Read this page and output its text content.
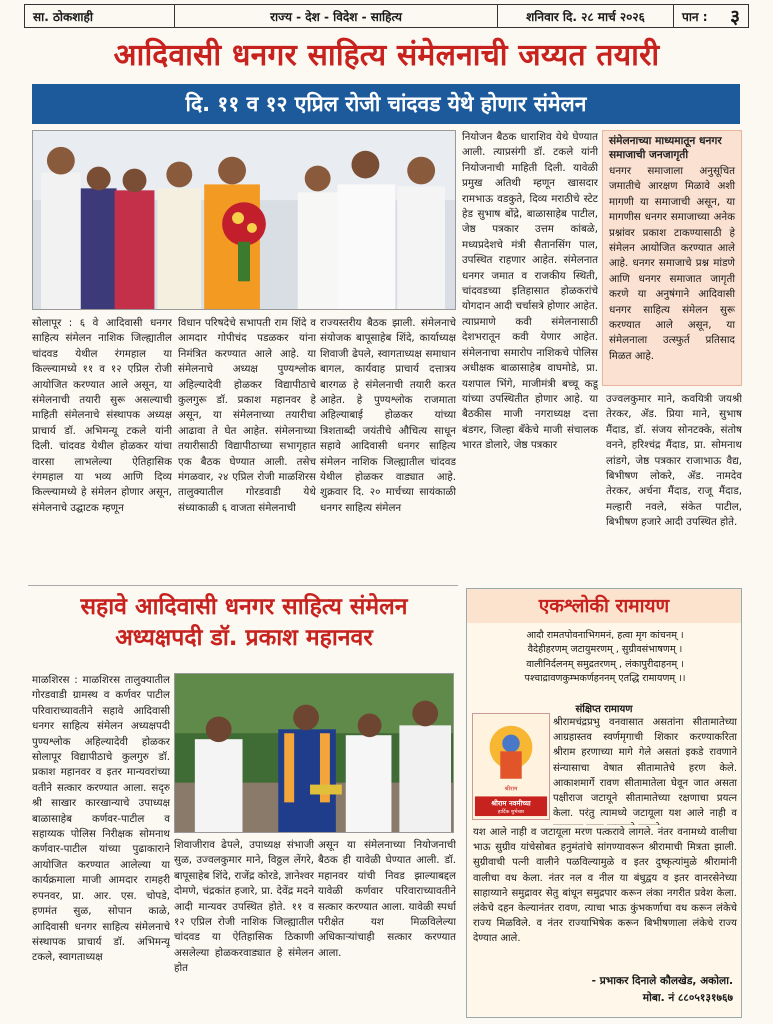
सा. ठोकशाही	राज्य - देश - विदेश - साहित्य	शनिवार दि. २८ मार्च २०२६	पान : ३
आदिवासी धनगर साहित्य संमेलनाची जय्यत तयारी
दि. ११ व १२ एप्रिल रोजी चांदवड येथे होणार संमेलन
सोलापूर : ६ वे आदिवासी धनगर साहित्य संमेलन नाशिक जिल्ह्यातील चांदवड येथील रंगमहाल या किल्ल्यामध्ये ११ व १२ एप्रिल रोजी आयोजित करण्यात आले असून, या संमेलनाची तयारी सुरू असल्याची माहिती संमेलनाचे संस्थापक अध्यक्ष प्राचार्य डॉ. अभिमन्यू टकले यांनी दिली. चांदवड येथील होळकर यांचा वारसा लाभलेल्या ऐतिहासिक रंगमहाल या भव्य आणि दिव्य किल्ल्यामध्ये हे संमेलन होणार असून, संमेलनाचे उद्घाटक म्हणून
विधान परिषदेचे सभापती राम शिंदे व आमदार गोपीचंद पडळकर यांना निमंत्रित करण्यात आले आहे. या संमेलनाचे अध्यक्ष पुण्यश्लोक अहिल्यादेवी होळकर विद्यापीठाचे कुलगुरू डॉ. प्रकाश महानवर हे असून, या संमेलनाच्या तयारीचा आढावा ते घेत आहेत. संमेलनाच्या तयारीसाठी विद्यापीठाच्या सभागृहात एक बैठक घेण्यात आली. तसेच मंगळवार, २४ एप्रिल रोजी माळशिरस तालुक्यातील गोरडवाडी येथे संध्याकाळी ६ वाजता संमेलनाची
राज्यस्तरीय बैठक झाली. संमेलनाचे संयोजक बापूसाहेब शिंदे, कार्याध्यक्ष शिवाजी ढेपले, स्वागताध्यक्ष समाधान बागल, कार्यवाह प्राचार्य दत्तात्रय बारगळ हे संमेलनाची तयारी करत आहेत. हे पुण्यश्लोक राजमाता अहिल्याबाई होळकर यांच्या त्रिशताब्दी जयंतीचे औचित्य साधून सहावे आदिवासी धनगर साहित्य संमेलन नाशिक जिल्ह्यातील चांदवड येथील होळकर वाड्यात आहे. शुक्रवार दि. २० मार्चच्या सायंकाळी धनगर साहित्य संमेलन
नियोजन बैठक धाराशिव येथे घेण्यात आली. त्याप्रसंगी डॉ. टकले यांनी नियोजनाची माहिती दिली. यावेळी प्रमुख अतिथी म्हणून खासदार रामभाऊ वडकुते, दिव्य मराठीचे स्टेट हेड सुभाष बोंद्रे, बाळासाहेब पाटील, जेष्ठ पत्रकार उत्तम कांबळे, मध्यप्रदेशचे मंत्री सैतानसिंग पाल, उपस्थित राहणार आहेत. संमेलनात धनगर जमात व राजकीय स्थिती, चांदवडच्या इतिहासात होळकरांचे योगदान आदी चर्चासत्रे होणार आहेत. त्याप्रमाणे कवी संमेलनासाठी देशभरातून कवी येणार आहेत. संमेलनाचा समारोप नाशिकचे पोलिस अधीक्षक बाळासाहेब वाघमोडे, प्रा. यशपाल भिंगे, माजीमंत्री बच्चू कडू यांच्या उपस्थितीत होणार आहे. या बैठकीस माजी नगराध्यक्ष दत्ता बंडगर, जिल्हा बँकेचे माजी संचालक भारत डोलारे, जेष्ठ पत्रकार
संमेलनाच्या माध्यमातून धनगर समाजाची जनजागृती
धनगर समाजाला अनुसूचित जमातीचे आरक्षण मिळावे अशी मागणी या समाजाची असून, या मागणीस धनगर समाजाच्या अनेक प्रश्नांवर प्रकाश टाकण्यासाठी हे संमेलन आयोजित करण्यात आले आहे. धनगर समाजाचे प्रश्न मांडणे आणि धनगर समाजात जागृती करणे या अनुषंगाने आदिवासी धनगर साहित्य संमेलन सुरू करण्यात आले असून, या संमेलनाला उत्स्फुर्त प्रतिसाद मिळत आहे.
उज्वलकुमार माने, कवयित्री जयश्री तेरकर, ॲड. प्रिया माने, सुभाष मैंदाड, डॉ. संजय सोनटक्के, संतोष वनने, हरिश्चंद्र मैंदाड, प्रा. सोमनाथ लांडगे, जेष्ठ पत्रकार राजाभाऊ वैद्य, बिभीषण लोकरे, ॲड. नामदेव तेरकर, अर्चना मैंदाड, राजू मैंदाड, मल्हारी नवले, संकेत पाटील, बिभीषण हजारे आदी उपस्थित होते.
सहावे आदिवासी धनगर साहित्य संमेलन
अध्यक्षपदी डॉ. प्रकाश महानवर
माळशिरस : माळशिरस तालुक्यातील गोरडवाडी ग्रामस्थ व कर्णवर पाटील परिवाराच्यावतीने सहावे आदिवासी धनगर साहित्य संमेलन अध्यक्षपदी पुण्यश्लोक अहिल्यादेवी होळकर सोलापूर विद्यापीठाचे कुलगुरु डॉ. प्रकाश महानवर व इतर मान्यवरांच्या वतीने सत्कार करण्यात आला. सदृरु श्री साखार कारखान्याचे उपाध्यक्ष बाळासाहेब कर्णवर-पाटील व सहाय्यक पोलिस निरीक्षक सोमनाथ कर्णवार-पाटील यांच्या पुढाकाराने आयोजित करण्यात आलेल्या या कार्यक्रमाला माजी आमदार रामहरी रुपनवर, प्रा. आर. एस. चोपडे, हणमंत सुळ, सोपान काळे, आदिवासी धनगर साहित्य संमेलनाचे संस्थापक प्राचार्य डॉ. अभिमन्यू टकले, स्वागताध्यक्ष
शिवाजीराव ढेपले, उपाध्यक्ष संभाजी सुळ, उज्वलकुमार माने, विठ्ठल लेंगरे, बापूसाहेब शिंदे, राजेंद्र कोरडे, ज्ञानेश्वर दोमणे, चंद्रकांत हजारे, प्रा. देवेंद्र मदने आदी मान्यवर उपस्थित होते. ११ व १२ एप्रिल रोजी नाशिक जिल्ह्यातील चांदवड या ऐतिहासिक ठिकाणी असलेल्या होळकरवाड्यात हे संमेलन होत
असून या संमेलनाच्या नियोजनाची बैठक ही यावेळी घेण्यात आली. डॉ. महानवर यांची निवड झाल्याबद्दल यावेळी कर्णवार परिवाराच्यावतीने सत्कार करण्यात आला. यावेळी स्पर्धा परीक्षेत यश मिळविलेल्या अधिकाऱ्यांचाही सत्कार करण्यात आला.
एकश्लोकी रामायण
आदौ रामतपोवनाभिगमनं, हत्वा मृग कांचनम् ।
वैदेहीहरणम् जटायुमरणम् , सुग्रीवसंभाषणम् ।
वालीनिर्दलनम् समुद्रतरणम् , लंकापुरीदाहनम् ।
पश्चाद्रावणकुम्भकर्णहननम् एतद्धि रामायणम् ।।
संक्षिप्त रामायण
श्रीरामचंद्रप्रभु वनवासात असतांना सीतामातेच्या आग्रहास्तव स्वर्णमृगाची शिकार करण्याकरिता श्रीराम हरणाच्या मागे गेले असतां इकडे रावणाने संन्यासाचा वेषात सीतामातेचे हरण केले. आकाशमार्गे रावण सीतामातेला घेवून जात असता पक्षीराज जटायूने सीतामातेच्या रक्षणाचा प्रयत्न केला. परंतु त्यामध्ये जटायूला यश आले नाही व
यश आले नाही व जटायूला मरण पत्करावे लागले. नंतर वनामध्ये वालीचा भाऊ सुग्रीव यांचेसोबत हनुमंतांचे सांगण्यावरून श्रीरामाची मित्रता झाली. सुग्रीवाची पत्नी वालीने पळविल्यामुळे व इतर दुष्कृत्यांमुळे श्रीरामांनी वालीचा वध केला. नंतर नल व नील या बंधुद्वय व इतर वानरसेनेच्या साहाय्याने समुद्रावर सेतु बांधून समुद्रपार करून लंका नगरीत प्रवेश केला. लंकेचे दहन केल्यानंतर रावण, त्याचा भाऊ कुंभकर्णाचा वध करून लंकेचे राज्य मिळविले. व नंतर राज्याभिषेक करून बिभीषणाला लंकेचे राज्य देण्यात आले.
- प्रभाकर दिनाले कौलखेड, अकोला.
मोबा. नं ८८०५१३१७६७
श्रीराम
श्रीराम नवमीच्या
हार्दिक शुभेच्छा
